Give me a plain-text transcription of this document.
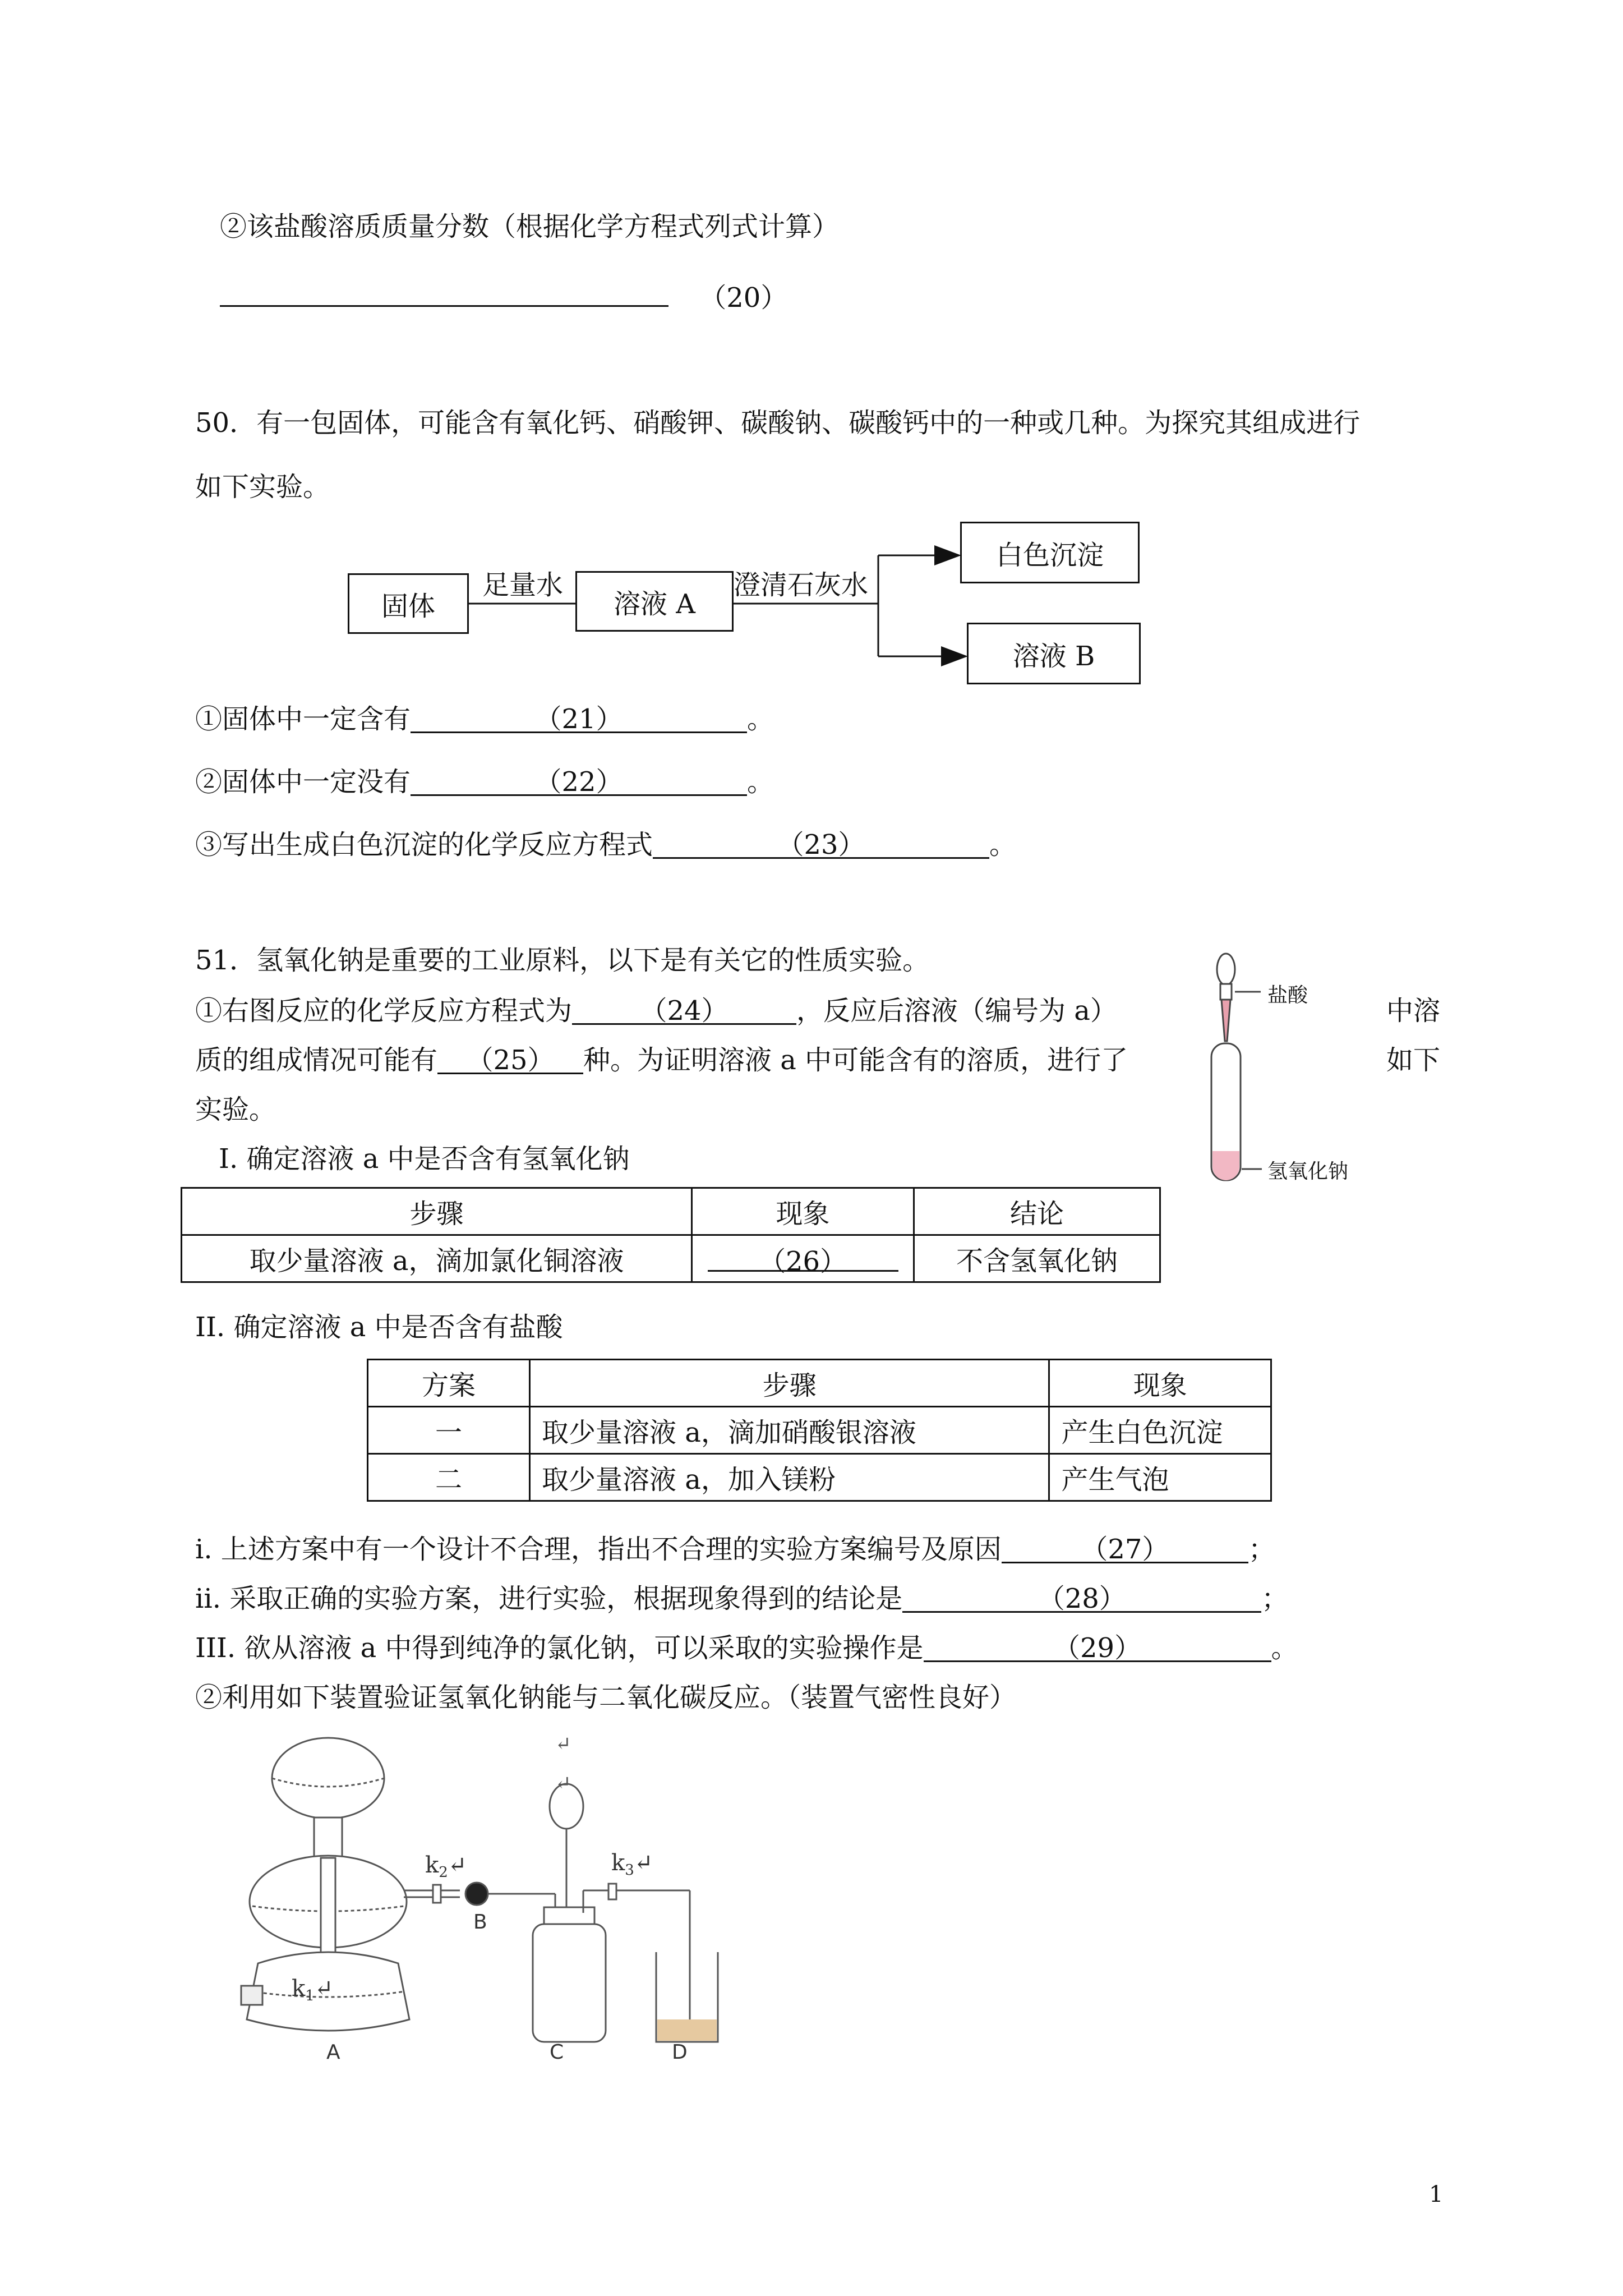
②该盐酸溶质质量分数（根据化学方程式列式计算）
（20）
50．有一包固体，可能含有氧化钙、硝酸钾、碳酸钠、碳酸钙中的一种或几种。为探究其组成进行
如下实验。
固体
足量水
溶液 A
澄清石灰水
白色沉淀
溶液 B
①固体中一定含有	（21）	。
②固体中一定没有	（22）	。
③写出生成白色沉淀的化学反应方程式	（23）	。
51．氢氧化钠是重要的工业原料，以下是有关它的性质实验。
①右图反应的化学反应方程式为	（24）	，反应后溶液（编号为 a）	中溶
质的组成情况可能有 （25） 种。为证明溶液 a 中可能含有的溶质，进行了	如下
实验。
盐酸
氢氧化钠
I. 确定溶液 a 中是否含有氢氧化钠
步骤	现象	结论
取少量溶液 a，滴加氯化铜溶液	（26）	不含氢氧化钠
II. 确定溶液 a 中是否含有盐酸
方案	步骤	现象
一	取少量溶液 a，滴加硝酸银溶液	产生白色沉淀
二	取少量溶液 a，加入镁粉	产生气泡
i. 上述方案中有一个设计不合理，指出不合理的实验方案编号及原因	（27）	；
ii. 采取正确的实验方案，进行实验，根据现象得到的结论是	（28）	；
III. 欲从溶液 a 中得到纯净的氯化钠，可以采取的实验操作是	（29）	。
②利用如下装置验证氢氧化钠能与二氧化碳反应。（装置气密性良好）
$k_1↵$
$k_2↵$	$k_3↵$
↵
↵
B
A	C	D
1
